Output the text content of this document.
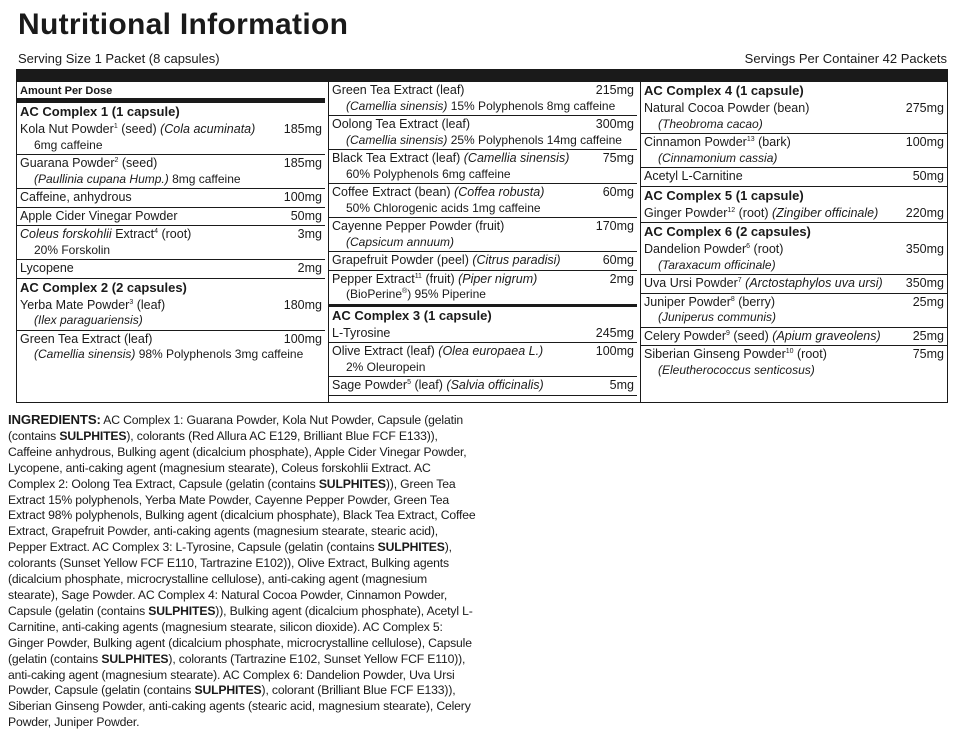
Nutritional Information
Serving Size 1 Packet (8 capsules)	Servings Per Container 42 Packets
Amount Per Dose
AC Complex 1 (1 capsule)
Kola Nut Powder$^1$ (seed) (Cola acuminata) 185mg
6mg caffeine
Guarana Powder$^2$ (seed)	185mg
(Paullinia cupana Hump.) 8mg caffeine
Caffeine, anhydrous	100mg
Apple Cider Vinegar Powder	50mg
Coleus forskohlii Extract$^4$ (root)	3mg
20% Forskolin
Lycopene	2mg
AC Complex 2 (2 capsules)
Yerba Mate Powder$^3$ (leaf)	180mg
(Ilex paraguariensis)
Green Tea Extract (leaf)	100mg
(Camellia sinensis) 98% Polyphenols 3mg caffeine
Green Tea Extract (leaf)	215mg
(Camellia sinensis) 15% Polyphenols 8mg caffeine
Oolong Tea Extract (leaf)	300mg
(Camellia sinensis) 25% Polyphenols 14mg caffeine
Black Tea Extract (leaf) (Camellia sinensis)	75mg
60% Polyphenols 6mg caffeine
Coffee Extract (bean) (Coffea robusta)	60mg
50% Chlorogenic acids 1mg caffeine
Cayenne Pepper Powder (fruit)	170mg
(Capsicum annuum)
Grapefruit Powder (peel) (Citrus paradisi)	60mg
Pepper Extract$^{11}$ (fruit) (Piper nigrum)	2mg
(BioPerine®) 95% Piperine
AC Complex 3 (1 capsule)
L-Tyrosine	245mg
Olive Extract (leaf) (Olea europaea L.)	100mg
2% Oleuropein
Sage Powder$^5$ (leaf) (Salvia officinalis)	5mg
AC Complex 4 (1 capsule)
Natural Cocoa Powder (bean)	275mg
(Theobroma cacao)
Cinnamon Powder$^{13}$ (bark)	100mg
(Cinnamonium cassia)
Acetyl L-Carnitine	50mg
AC Complex 5 (1 capsule)
Ginger Powder$^{12}$ (root) (Zingiber officinale) 220mg
AC Complex 6 (2 capsules)
Dandelion Powder$^6$ (root)	350mg
(Taraxacum officinale)
Uva Ursi Powder$^7$ (Arctostaphylos uva ursi) 350mg
Juniper Powder$^8$ (berry)	25mg
(Juniperus communis)
Celery Powder$^9$ (seed) (Apium graveolens)	25mg
Siberian Ginseng Powder$^{10}$ (root)	75mg
(Eleutherococcus senticosus)
INGREDIENTS: AC Complex 1: Guarana Powder, Kola Nut Powder, Capsule (gelatin (contains SULPHITES), colorants (Red Allura AC E129, Brilliant Blue FCF E133)), Caffeine anhydrous, Bulking agent (dicalcium phosphate), Apple Cider Vinegar Powder, Lycopene, anti-caking agent (magnesium stearate), Coleus forskohlii Extract. AC Complex 2: Oolong Tea Extract, Capsule (gelatin (contains SULPHITES)), Green Tea Extract 15% polyphenols, Yerba Mate Powder, Cayenne Pepper Powder, Green Tea Extract 98% polyphenols, Bulking agent (dicalcium phosphate), Black Tea Extract, Coffee Extract, Grapefruit Powder, anti-caking agents (magnesium stearate, stearic acid), Pepper Extract. AC Complex 3: L-Tyrosine, Capsule (gelatin (contains SULPHITES), colorants (Sunset Yellow FCF E110, Tartrazine E102)), Olive Extract, Bulking agents (dicalcium phosphate, microcrystalline cellulose), anti-caking agent (magnesium stearate), Sage Powder. AC Complex 4: Natural Cocoa Powder, Cinnamon Powder, Capsule (gelatin (contains SULPHITES)), Bulking agent (dicalcium phosphate), Acetyl L-Carnitine, anti-caking agents (magnesium stearate, silicon dioxide). AC Complex 5: Ginger Powder, Bulking agent (dicalcium phosphate, microcrystalline cellulose), Capsule (gelatin (contains SULPHITES), colorants (Tartrazine E102, Sunset Yellow FCF E110)), anti-caking agent (magnesium stearate). AC Complex 6: Dandelion Powder, Uva Ursi Powder, Capsule (gelatin (contains SULPHITES), colorant (Brilliant Blue FCF E133)), Siberian Ginseng Powder, anti-caking agents (stearic acid, magnesium stearate), Celery Powder, Juniper Powder.
